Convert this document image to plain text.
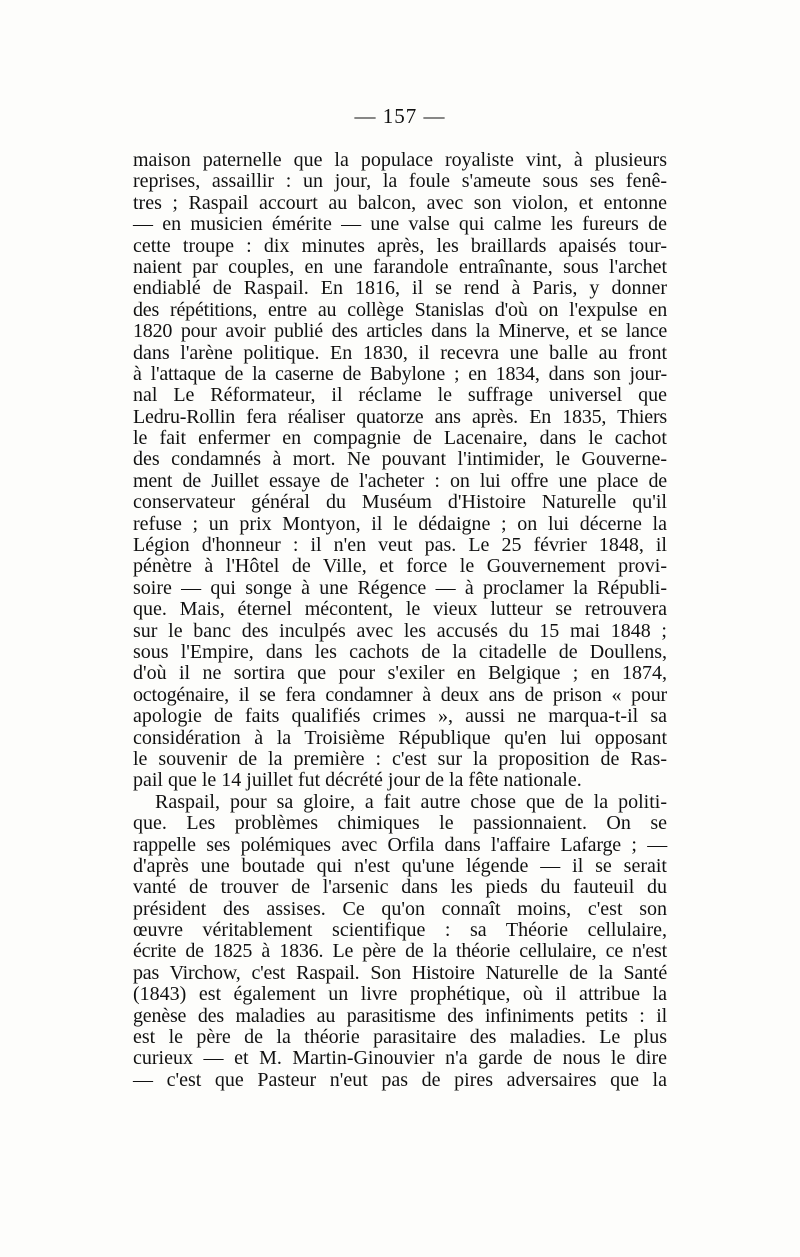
— 157 —
maison paternelle que la populace royaliste vint, à plusieurs
reprises, assaillir : un jour, la foule s'ameute sous ses fenê-
tres ; Raspail accourt au balcon, avec son violon, et entonne
— en musicien émérite — une valse qui calme les fureurs de
cette troupe : dix minutes après, les braillards apaisés tour-
naient par couples, en une farandole entraînante, sous l'archet
endiablé de Raspail. En 1816, il se rend à Paris, y donner
des répétitions, entre au collège Stanislas d'où on l'expulse en
1820 pour avoir publié des articles dans la Minerve, et se lance
dans l'arène politique. En 1830, il recevra une balle au front
à l'attaque de la caserne de Babylone ; en 1834, dans son jour-
nal Le Réformateur, il réclame le suffrage universel que
Ledru-Rollin fera réaliser quatorze ans après. En 1835, Thiers
le fait enfermer en compagnie de Lacenaire, dans le cachot
des condamnés à mort. Ne pouvant l'intimider, le Gouverne-
ment de Juillet essaye de l'acheter : on lui offre une place de
conservateur général du Muséum d'Histoire Naturelle qu'il
refuse ; un prix Montyon, il le dédaigne ; on lui décerne la
Légion d'honneur : il n'en veut pas. Le 25 février 1848, il
pénètre à l'Hôtel de Ville, et force le Gouvernement provi-
soire — qui songe à une Régence — à proclamer la Républi-
que. Mais, éternel mécontent, le vieux lutteur se retrouvera
sur le banc des inculpés avec les accusés du 15 mai 1848 ;
sous l'Empire, dans les cachots de la citadelle de Doullens,
d'où il ne sortira que pour s'exiler en Belgique ; en 1874,
octogénaire, il se fera condamner à deux ans de prison « pour
apologie de faits qualifiés crimes », aussi ne marqua-t-il sa
considération à la Troisième République qu'en lui opposant
le souvenir de la première : c'est sur la proposition de Ras-
pail que le 14 juillet fut décrété jour de la fête nationale.
Raspail, pour sa gloire, a fait autre chose que de la politi-
que. Les problèmes chimiques le passionnaient. On se
rappelle ses polémiques avec Orfila dans l'affaire Lafarge ; —
d'après une boutade qui n'est qu'une légende — il se serait
vanté de trouver de l'arsenic dans les pieds du fauteuil du
président des assises. Ce qu'on connaît moins, c'est son
œuvre véritablement scientifique : sa Théorie cellulaire,
écrite de 1825 à 1836. Le père de la théorie cellulaire, ce n'est
pas Virchow, c'est Raspail. Son Histoire Naturelle de la Santé
(1843) est également un livre prophétique, où il attribue la
genèse des maladies au parasitisme des infiniments petits : il
est le père de la théorie parasitaire des maladies. Le plus
curieux — et M. Martin-Ginouvier n'a garde de nous le dire
— c'est que Pasteur n'eut pas de pires adversaires que la
